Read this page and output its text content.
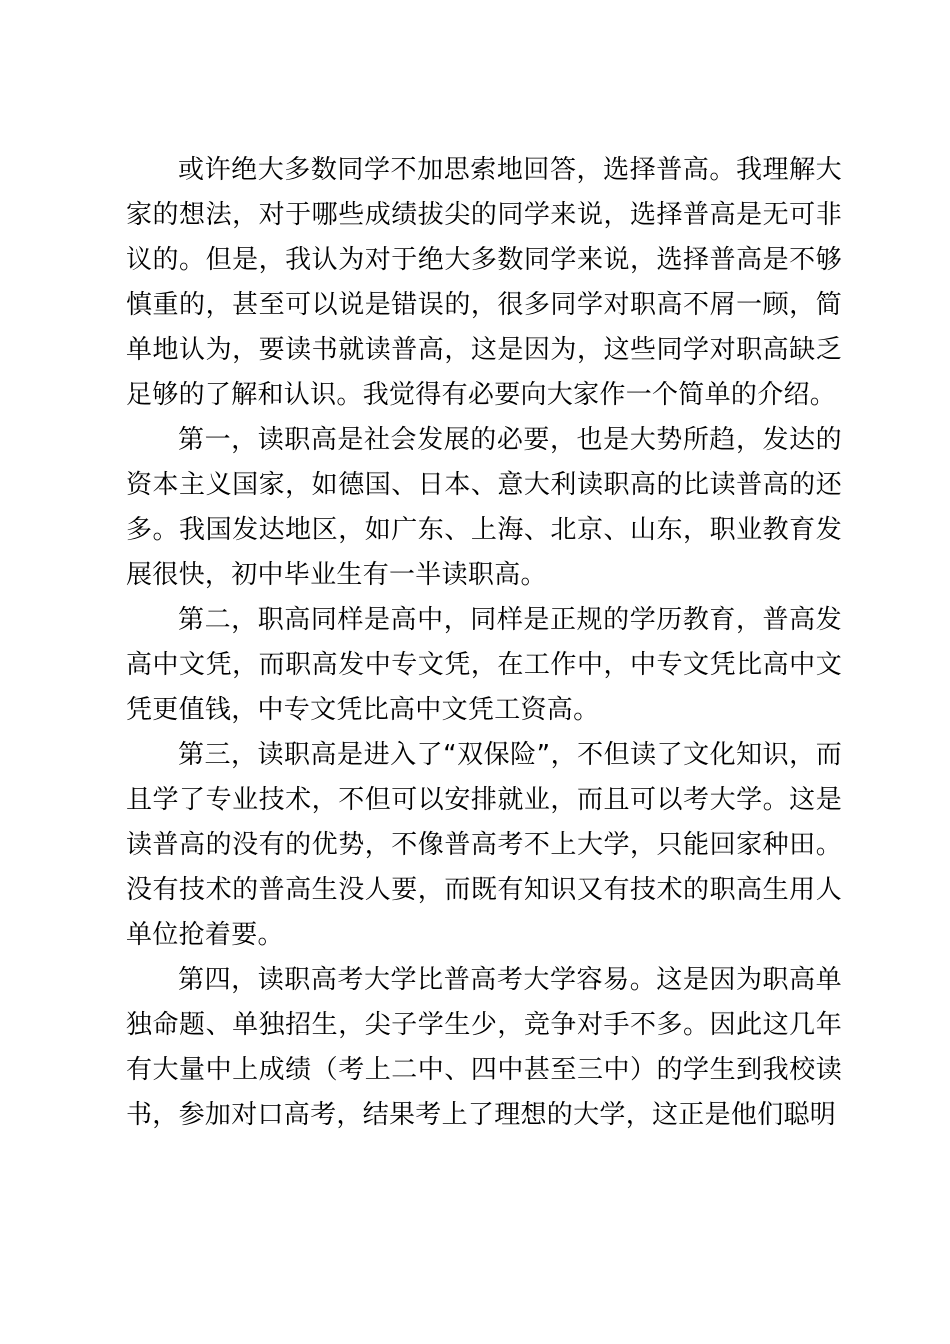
或许绝大多数同学不加思索地回答，选择普高。我理解大家的想法，对于哪些成绩拔尖的同学来说，选择普高是无可非议的。但是，我认为对于绝大多数同学来说，选择普高是不够慎重的，甚至可以说是错误的，很多同学对职高不屑一顾，简单地认为，要读书就读普高，这是因为，这些同学对职高缺乏足够的了解和认识。我觉得有必要向大家作一个简单的介绍。

第一，读职高是社会发展的必要，也是大势所趋，发达的资本主义国家，如德国、日本、意大利读职高的比读普高的还多。我国发达地区，如广东、上海、北京、山东，职业教育发展很快，初中毕业生有一半读职高。

第二，职高同样是高中，同样是正规的学历教育，普高发高中文凭，而职高发中专文凭，在工作中，中专文凭比高中文凭更值钱，中专文凭比高中文凭工资高。

第三，读职高是进入了“双保险”，不但读了文化知识，而且学了专业技术，不但可以安排就业，而且可以考大学。这是读普高的没有的优势，不像普高考不上大学，只能回家种田。没有技术的普高生没人要，而既有知识又有技术的职高生用人单位抢着要。

第四，读职高考大学比普高考大学容易。这是因为职高单独命题、单独招生，尖子学生少，竞争对手不多。因此这几年有大量中上成绩（考上二中、四中甚至三中）的学生到我校读书，参加对口高考，结果考上了理想的大学，这正是他们聪明
